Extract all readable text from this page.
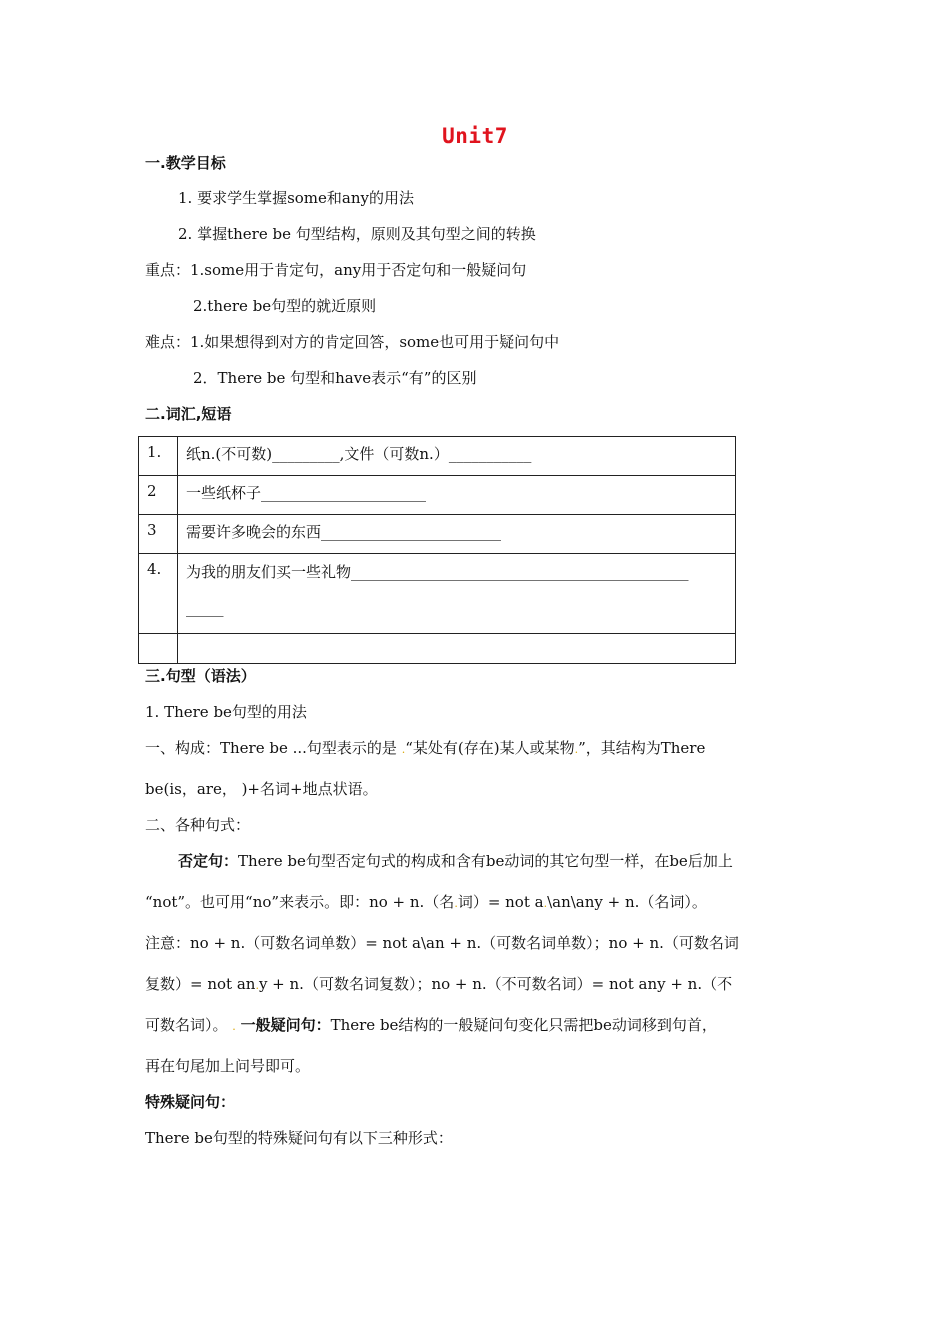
Unit7
一.教学目标
1. 要求学生掌握some和any的用法
2. 掌握there be 句型结构，原则及其句型之间的转换
重点：1.some用于肯定句，any用于否定句和一般疑问句
2.there be句型的就近原则
难点：1.如果想得到对方的肯定回答，some也可用于疑问句中
2．There be 句型和have表示“有”的区别
二.词汇,短语
1.	纸n.(不可数)_________,文件（可数n.）___________
2	一些纸杯子______________________
3	需要许多晚会的东西________________________
4.	为我的朋友们买一些礼物_____________________________________________
_____

三.句型（语法）
1. There be句型的用法
一、构成：There be ...句型表示的是 .“某处有(存在)某人或某物.”，其结构为There
be(is，are， )+名词+地点状语。
二、各种句式：
否定句：There be句型否定句式的构成和含有be动词的其它句型一样，在be后加上
“not”。也可用“no”来表示。即：no + n.（名.词）= not a.\an\any + n.（名词）。
注意：no + n.（可数名词单数）= not a\an + n.（可数名词单数）；no + n.（可数名词
复数）= not an.y + n.（可数名词复数）；no + n.（不可数名词）= not any + n.（不
可数名词）。 . 一般疑问句：There be结构的一般疑问句变化只需把be动词移到句首，
再在句尾加上问号即可。
特殊疑问句：
There be句型的特殊疑问句有以下三种形式：
